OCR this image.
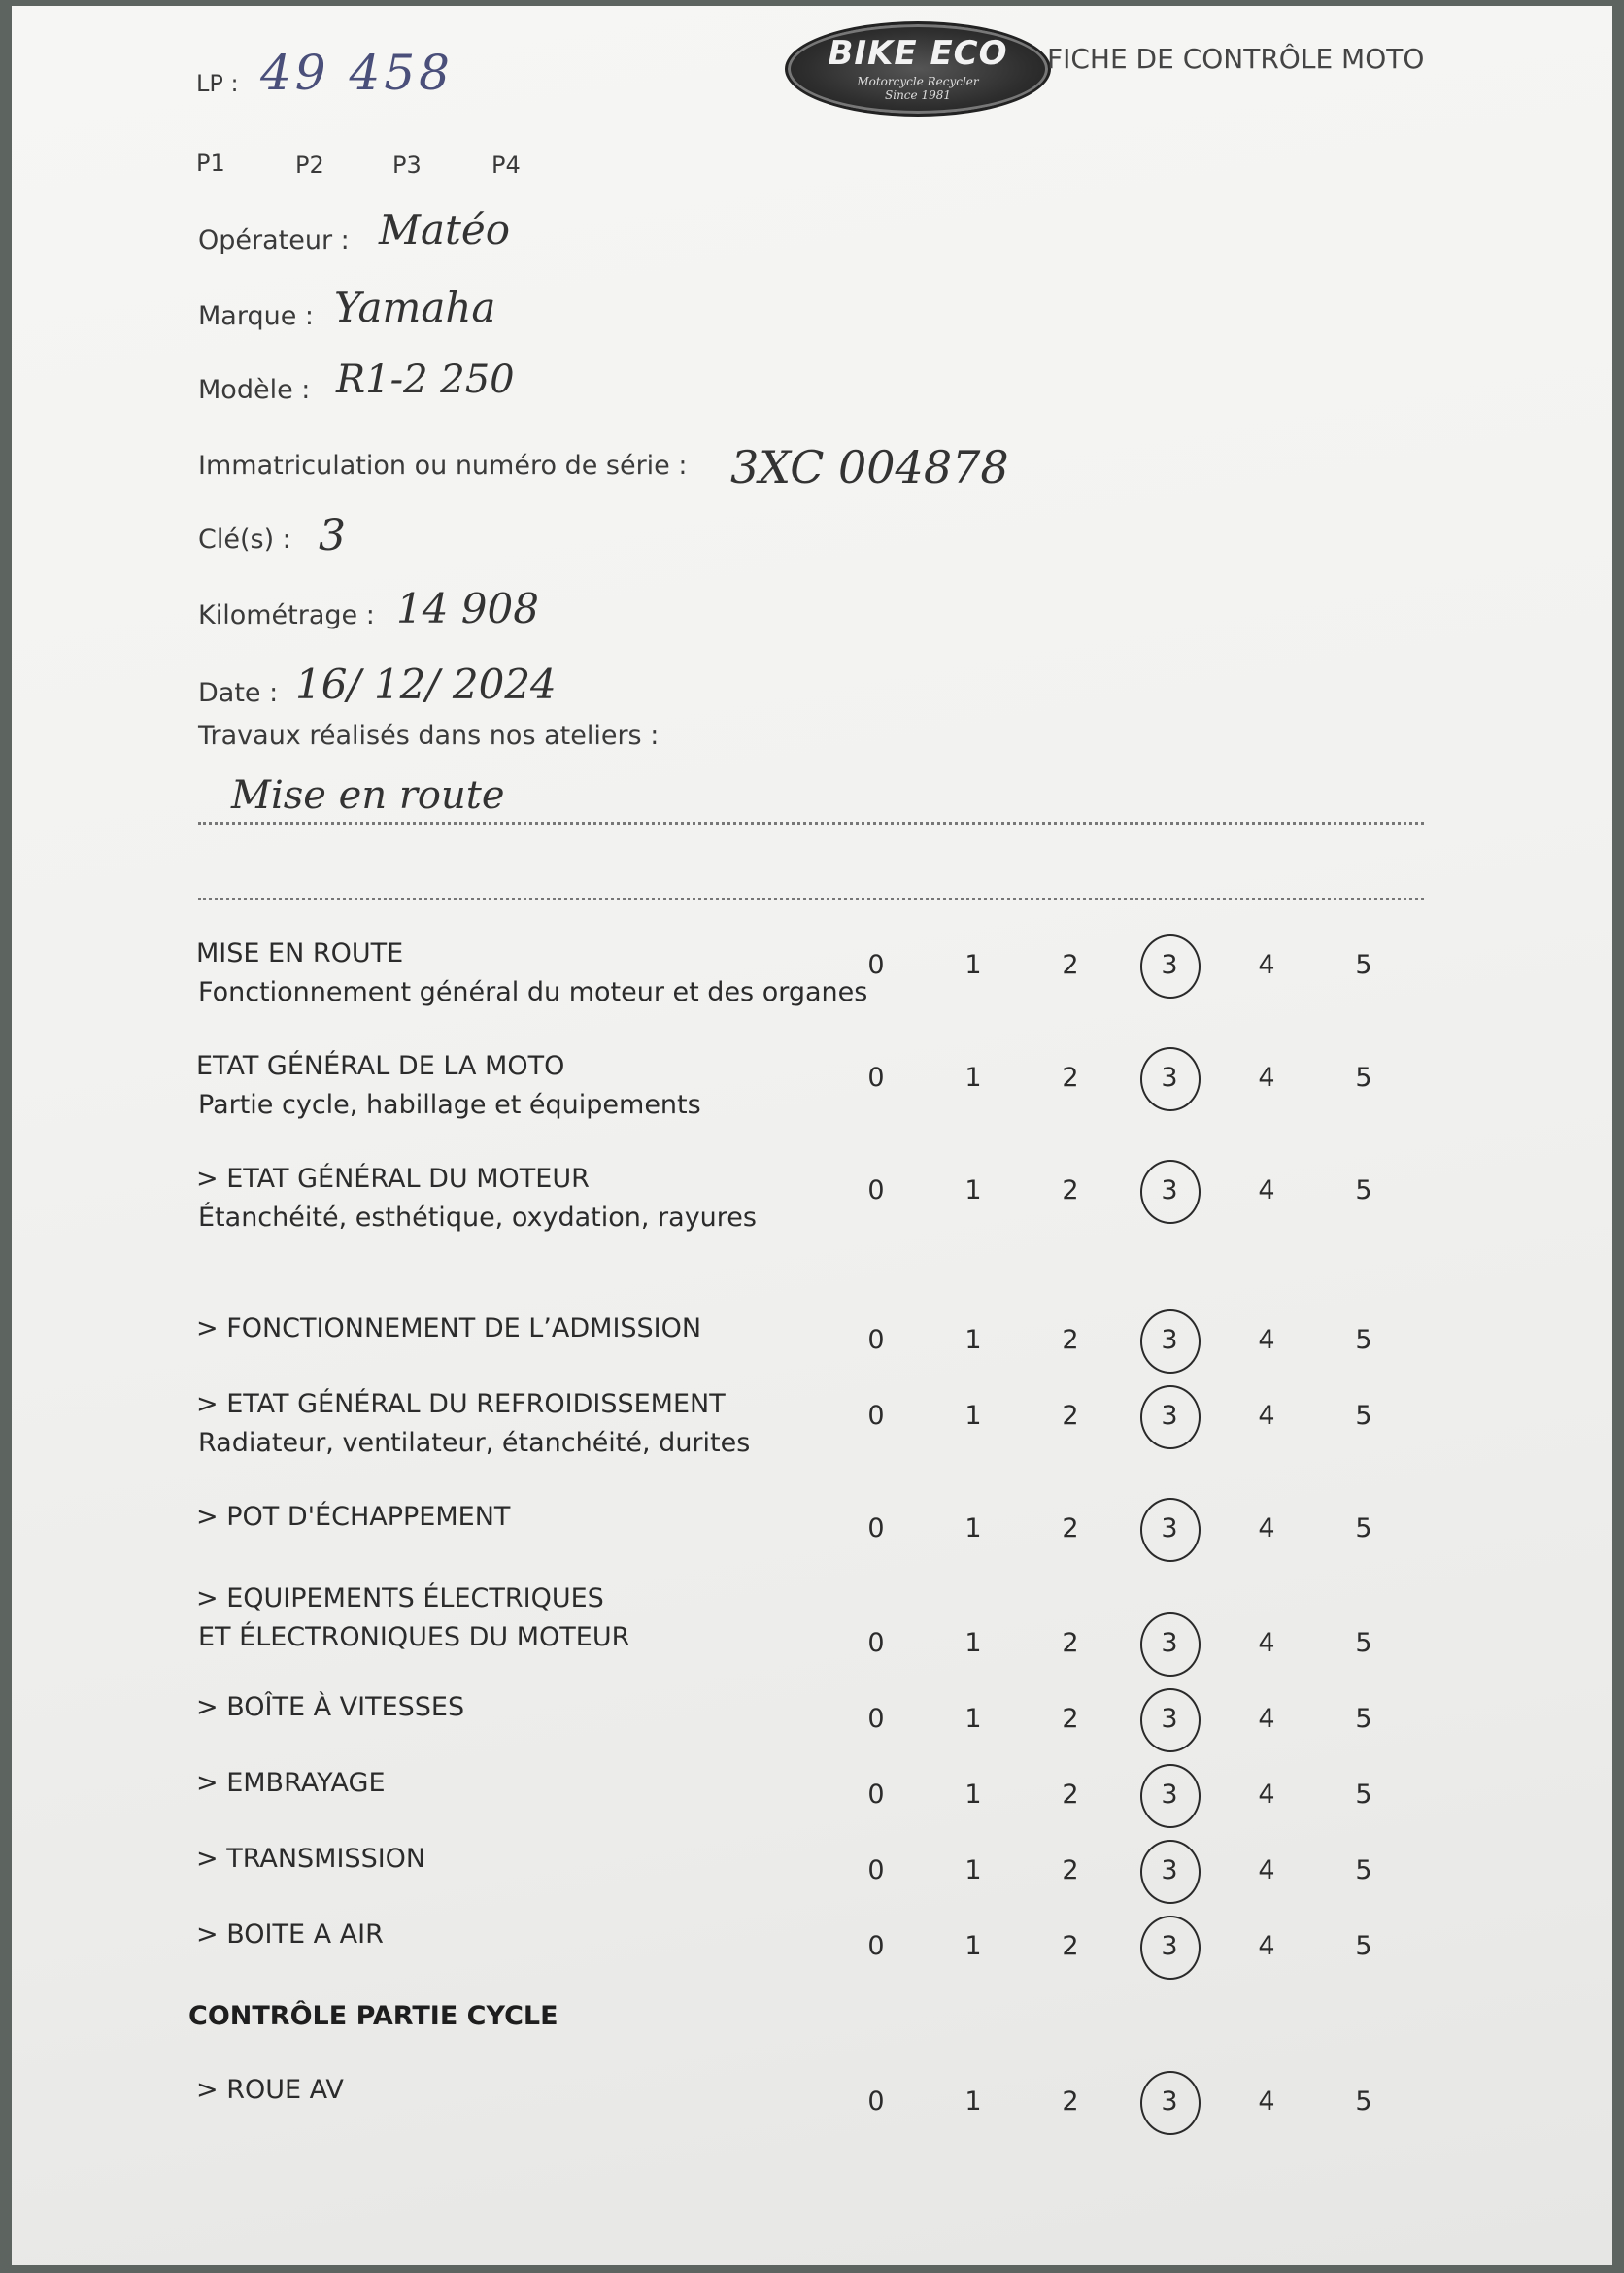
BIKE ECO
Motorcycle Recycler
Since 1981
FICHE DE CONTRÔLE MOTO
LP : 49 458
P1	P2	P3	P4
Opérateur : Matéo
Marque : Yamaha
Modèle : R1-2 250
Immatriculation ou numéro de série : 3XC 004878
Clé(s) : 3
Kilométrage : 14 908
Date : 16/ 12/ 2024
Travaux réalisés dans nos ateliers :
Mise en route
MISE EN ROUTE
Fonctionnement général du moteur et des organes
0	1	2	3	4	5
ETAT GÉNÉRAL DE LA MOTO
Partie cycle, habillage et équipements
0	1	2	3	4	5
> ETAT GÉNÉRAL DU MOTEUR
Étanchéité, esthétique, oxydation, rayures
0	1	2	3	4	5
> FONCTIONNEMENT DE L’ADMISSION	0	1	2	3	4	5
> ETAT GÉNÉRAL DU REFROIDISSEMENT
Radiateur, ventilateur, étanchéité, durites
0	1	2	3	4	5
> POT D'ÉCHAPPEMENT	0	1	2	3	4	5
> EQUIPEMENTS ÉLECTRIQUES
ET ÉLECTRONIQUES DU MOTEUR	0	1	2	3	4	5
> BOÎTE À VITESSES	0	1	2	3	4	5
> EMBRAYAGE	0	1	2	3	4	5
> TRANSMISSION	0	1	2	3	4	5
> BOITE A AIR	0	1	2	3	4	5
CONTRÔLE PARTIE CYCLE
> ROUE AV	0	1	2	3	4	5
